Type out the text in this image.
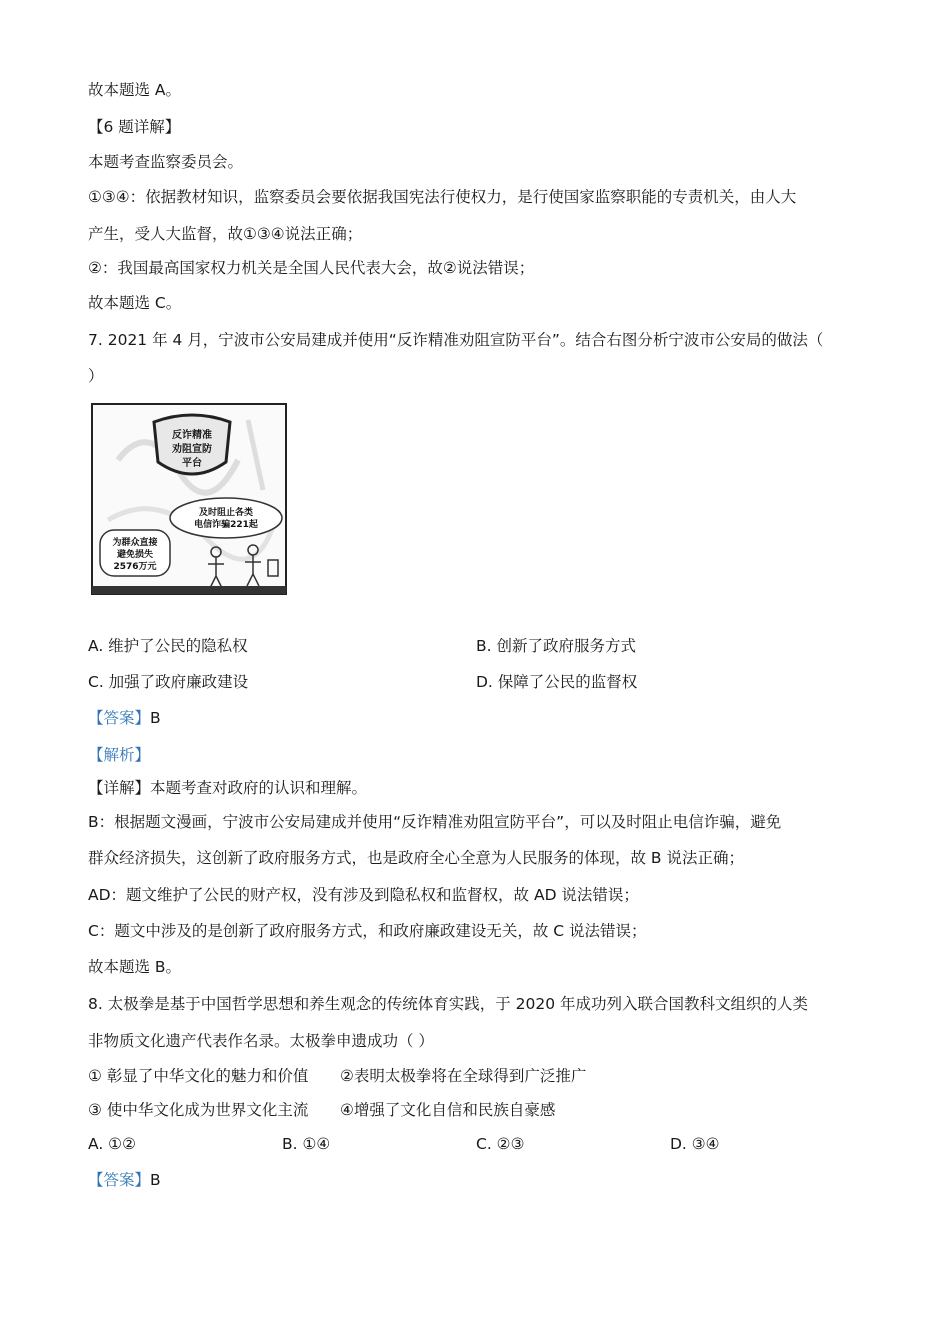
故本题选 A。
【6 题详解】
本题考查监察委员会。
①③④：依据教材知识，监察委员会要依据我国宪法行使权力，是行使国家监察职能的专责机关，由人大
产生，受人大监督，故①③④说法正确；
②：我国最高国家权力机关是全国人民代表大会，故②说法错误；
故本题选 C。
7. 2021 年 4 月，宁波市公安局建成并使用“反诈精准劝阻宣防平台”。结合右图分析宁波市公安局的做法（
）
反诈精准
劝阻宣防
平台
及时阻止各类
电信诈骗221起
为群众直接
避免损失
2576万元
A. 维护了公民的隐私权	B. 创新了政府服务方式
C. 加强了政府廉政建设	D. 保障了公民的监督权
【答案】B
【解析】
【详解】本题考查对政府的认识和理解。
B：根据题文漫画，宁波市公安局建成并使用“反诈精准劝阻宣防平台”，可以及时阻止电信诈骗，避免
群众经济损失，这创新了政府服务方式，也是政府全心全意为人民服务的体现，故 B 说法正确；
AD：题文维护了公民的财产权，没有涉及到隐私权和监督权，故 AD 说法错误；
C：题文中涉及的是创新了政府服务方式，和政府廉政建设无关，故 C 说法错误；
故本题选 B。
8. 太极拳是基于中国哲学思想和养生观念的传统体育实践，于 2020 年成功列入联合国教科文组织的人类
非物质文化遗产代表作名录。太极拳申遗成功（ ）
① 彰显了中华文化的魅力和价值 ②表明太极拳将在全球得到广泛推广
③ 使中华文化成为世界文化主流 ④增强了文化自信和民族自豪感
A. ①②	B. ①④	C. ②③	D. ③④
【答案】B
